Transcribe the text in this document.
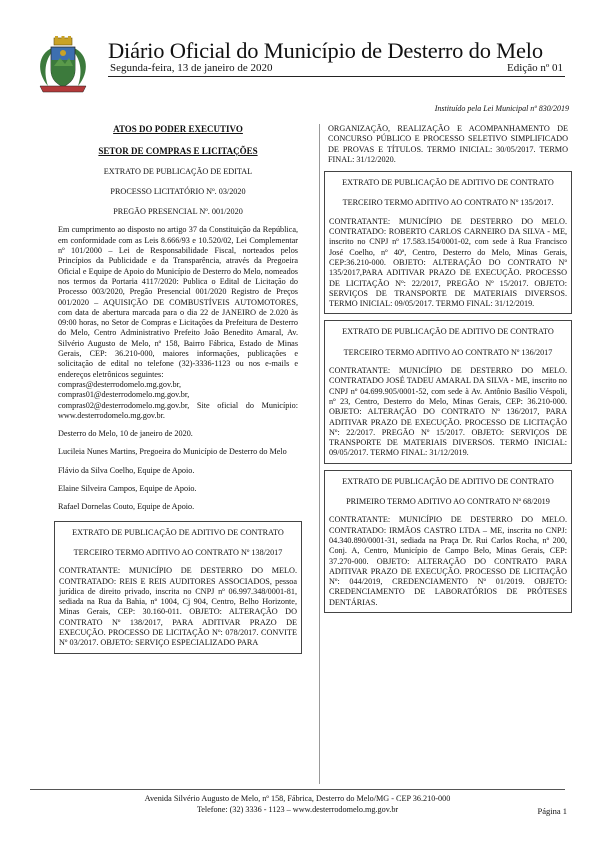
Diário Oficial do Município de Desterro do Melo
Segunda-feira, 13 de janeiro de 2020	Edição nº 01
Instituído pela Lei Municipal nº 830/2019

ATOS DO PODER EXECUTIVO

SETOR DE COMPRAS E LICITAÇÕES

EXTRATO DE PUBLICAÇÃO DE EDITAL

PROCESSO LICITATÓRIO Nº. 03/2020

PREGÃO PRESENCIAL Nº. 001/2020

Em cumprimento ao disposto no artigo 37 da Constituição da República, em conformidade com as Leis 8.666/93 e 10.520/02, Lei Complementar nº 101/2000 – Lei de Responsabilidade Fiscal, norteados pelos Princípios da Publicidade e da Transparência, através da Pregoeira Oficial e Equipe de Apoio do Município de Desterro do Melo, nomeados nos termos da Portaria 4117/2020: Publica o Edital de Licitação do Processo 003/2020, Pregão Presencial 001/2020 Registro de Preços 001/2020 – AQUISIÇÃO DE COMBUSTÍVEIS AUTOMOTORES, com data de abertura marcada para o dia 22 de JANEIRO de 2.020 às 09:00 horas, no Setor de Compras e Licitações da Prefeitura de Desterro do Melo, Centro Administrativo Prefeito João Benedito Amaral, Av. Silvério Augusto de Melo, nº 158, Bairro Fábrica, Estado de Minas Gerais, CEP: 36.210-000, maiores informações, publicações e solicitação de edital no telefone (32)-3336-1123 ou nos e-mails e endereços eletrônicos seguintes:

compras@desterrodomelo.mg.gov.br,

compras01@desterrodomelo.mg.gov.br,

compras02@desterrodomelo.mg.gov.br, Site oficial do Município: www.desterrodomelo.mg.gov.br.

Desterro do Melo, 10 de janeiro de 2020.

Lucileia Nunes Martins, Pregoeira do Município de Desterro do Melo

Flávio da Silva Coelho, Equipe de Apoio.

Elaine Silveira Campos, Equipe de Apoio.

Rafael Dornelas Couto, Equipe de Apoio.

EXTRATO DE PUBLICAÇÃO DE ADITIVO DE CONTRATO

TERCEIRO TERMO ADITIVO AO CONTRATO Nº 138/2017

CONTRATANTE: MUNICÍPIO DE DESTERRO DO MELO. CONTRATADO: REIS E REIS AUDITORES ASSOCIADOS, pessoa jurídica de direito privado, inscrita no CNPJ nº 06.997.348/0001-81, sediada na Rua da Bahia, nº 1004, Cj 904, Centro, Belho Horizonte, Minas Gerais, CEP: 30.160-011. OBJETO: ALTERAÇÃO DO CONTRATO Nº 138/2017, PARA ADITIVAR PRAZO DE EXECUÇÃO. PROCESSO DE LICITAÇÃO Nº: 078/2017. CONVITE Nº 03/2017. OBJETO: SERVIÇO ESPECIALIZADO PARA

ORGANIZAÇÃO, REALIZAÇÃO E ACOMPANHAMENTO DE CONCURSO PÚBLICO E PROCESSO SELETIVO SIMPLIFICADO DE PROVAS E TÍTULOS. TERMO INICIAL: 30/05/2017. TERMO FINAL: 31/12/2020.

EXTRATO DE PUBLICAÇÃO DE ADITIVO DE CONTRATO

TERCEIRO TERMO ADITIVO AO CONTRATO Nº 135/2017.

CONTRATANTE: MUNICÍPIO DE DESTERRO DO MELO. CONTRATADO: ROBERTO CARLOS CARNEIRO DA SILVA - ME, inscrito no CNPJ nº 17.583.154/0001-02, com sede à Rua Francisco José Coelho, nº 40ª, Centro, Desterro do Melo, Minas Gerais, CEP:36.210-000. OBJETO: ALTERAÇÃO DO CONTRATO Nº 135/2017,PARA ADITIVAR PRAZO DE EXECUÇÃO. PROCESSO DE LICITAÇÃO Nº: 22/2017, PREGÃO Nº 15/2017. OBJETO: SERVIÇOS DE TRANSPORTE DE MATERIAIS DIVERSOS. TERMO INICIAL: 09/05/2017. TERMO FINAL: 31/12/2019.

EXTRATO DE PUBLICAÇÃO DE ADITIVO DE CONTRATO

TERCEIRO TERMO ADITIVO AO CONTRATO Nº 136/2017

CONTRATANTE: MUNICÍPIO DE DESTERRO DO MELO. CONTRATADO JOSÉ TADEU AMARAL DA SILVA - ME, inscrito no CNPJ nº 04.699.905/0001-52, com sede à Av. Antônio Basílio Véspoli, nº 23, Centro, Desterro do Melo, Minas Gerais, CEP: 36.210-000. OBJETO: ALTERAÇÃO DO CONTRATO Nº 136/2017, PARA ADITIVAR PRAZO DE EXECUÇÃO. PROCESSO DE LICITAÇÃO Nº: 22/2017. PREGÃO Nº 15/2017. OBJETO: SERVIÇOS DE TRANSPORTE DE MATERIAIS DIVERSOS. TERMO INICIAL: 09/05/2017. TERMO FINAL: 31/12/2019.

EXTRATO DE PUBLICAÇÃO DE ADITIVO DE CONTRATO

PRIMEIRO TERMO ADITIVO AO CONTRATO Nº 68/2019

CONTRATANTE: MUNICÍPIO DE DESTERRO DO MELO. CONTRATADO: IRMÃOS CASTRO LTDA – ME, inscrita no CNPJ: 04.340.890/0001-31, sediada na Praça Dr. Rui Carlos Rocha, nº 200, Conj. A, Centro, Município de Campo Belo, Minas Gerais, CEP: 37.270-000. OBJETO: ALTERAÇÃO DO CONTRATO PARA ADITIVAR PRAZO DE EXECUÇÃO. PROCESSO DE LICITAÇÃO Nº: 044/2019, CREDENCIAMENTO Nº 01/2019. OBJETO: CREDENCIAMENTO DE LABORATÓRIOS DE PRÓTESES DENTÁRIAS.

Avenida Silvério Augusto de Melo, nº 158, Fábrica, Desterro do Melo/MG - CEP 36.210-000
Telefone: (32) 3336 - 1123 – www.desterrodomelo.mg.gov.br	Página 1
